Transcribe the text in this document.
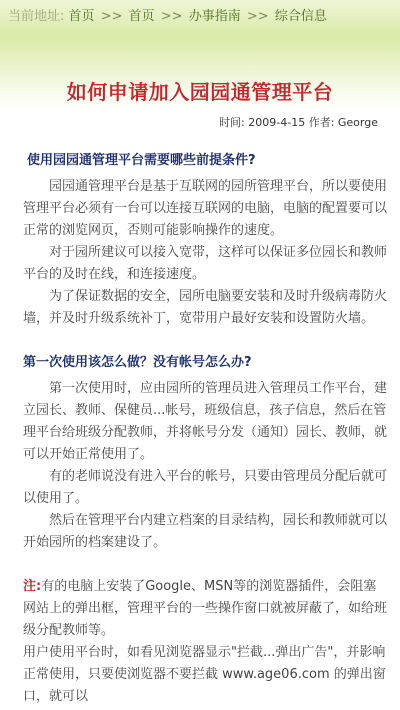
当前地址: 首页 >> 首页 >> 办事指南 >> 综合信息
如何申请加入园园通管理平台
时间: 2009-4-15 作者: George
使用园园通管理平台需要哪些前提条件?

园园通管理平台是基于互联网的园所管理平台，所以要使用管理平台必须有一台可以连接互联网的电脑，电脑的配置要可以正常的浏览网页，否则可能影响操作的速度。

对于园所建议可以接入宽带，这样可以保证多位园长和教师平台的及时在线，和连接速度。

为了保证数据的安全，园所电脑要安装和及时升级病毒防火墙，并及时升级系统补丁，宽带用户最好安装和设置防火墙。

第一次使用该怎么做？没有帐号怎么办?

第一次使用时，应由园所的管理员进入管理员工作平台，建立园长、教师、保健员...帐号，班级信息，孩子信息，然后在管理平台给班级分配教师，并将帐号分发（通知）园长、教师，就可以开始正常使用了。

有的老师说没有进入平台的帐号，只要由管理员分配后就可以使用了。

然后在管理平台内建立档案的目录结构，园长和教师就可以开始园所的档案建设了。

注:有的电脑上安装了Google、MSN等的浏览器插件，会阻塞网站上的弹出框，管理平台的一些操作窗口就被屏蔽了，如给班级分配教师等。

用户使用平台时，如看见浏览器显示"拦截...弹出广告"，并影响正常使用，只要使浏览器不要拦截 www.age06.com 的弹出窗口，就可以
